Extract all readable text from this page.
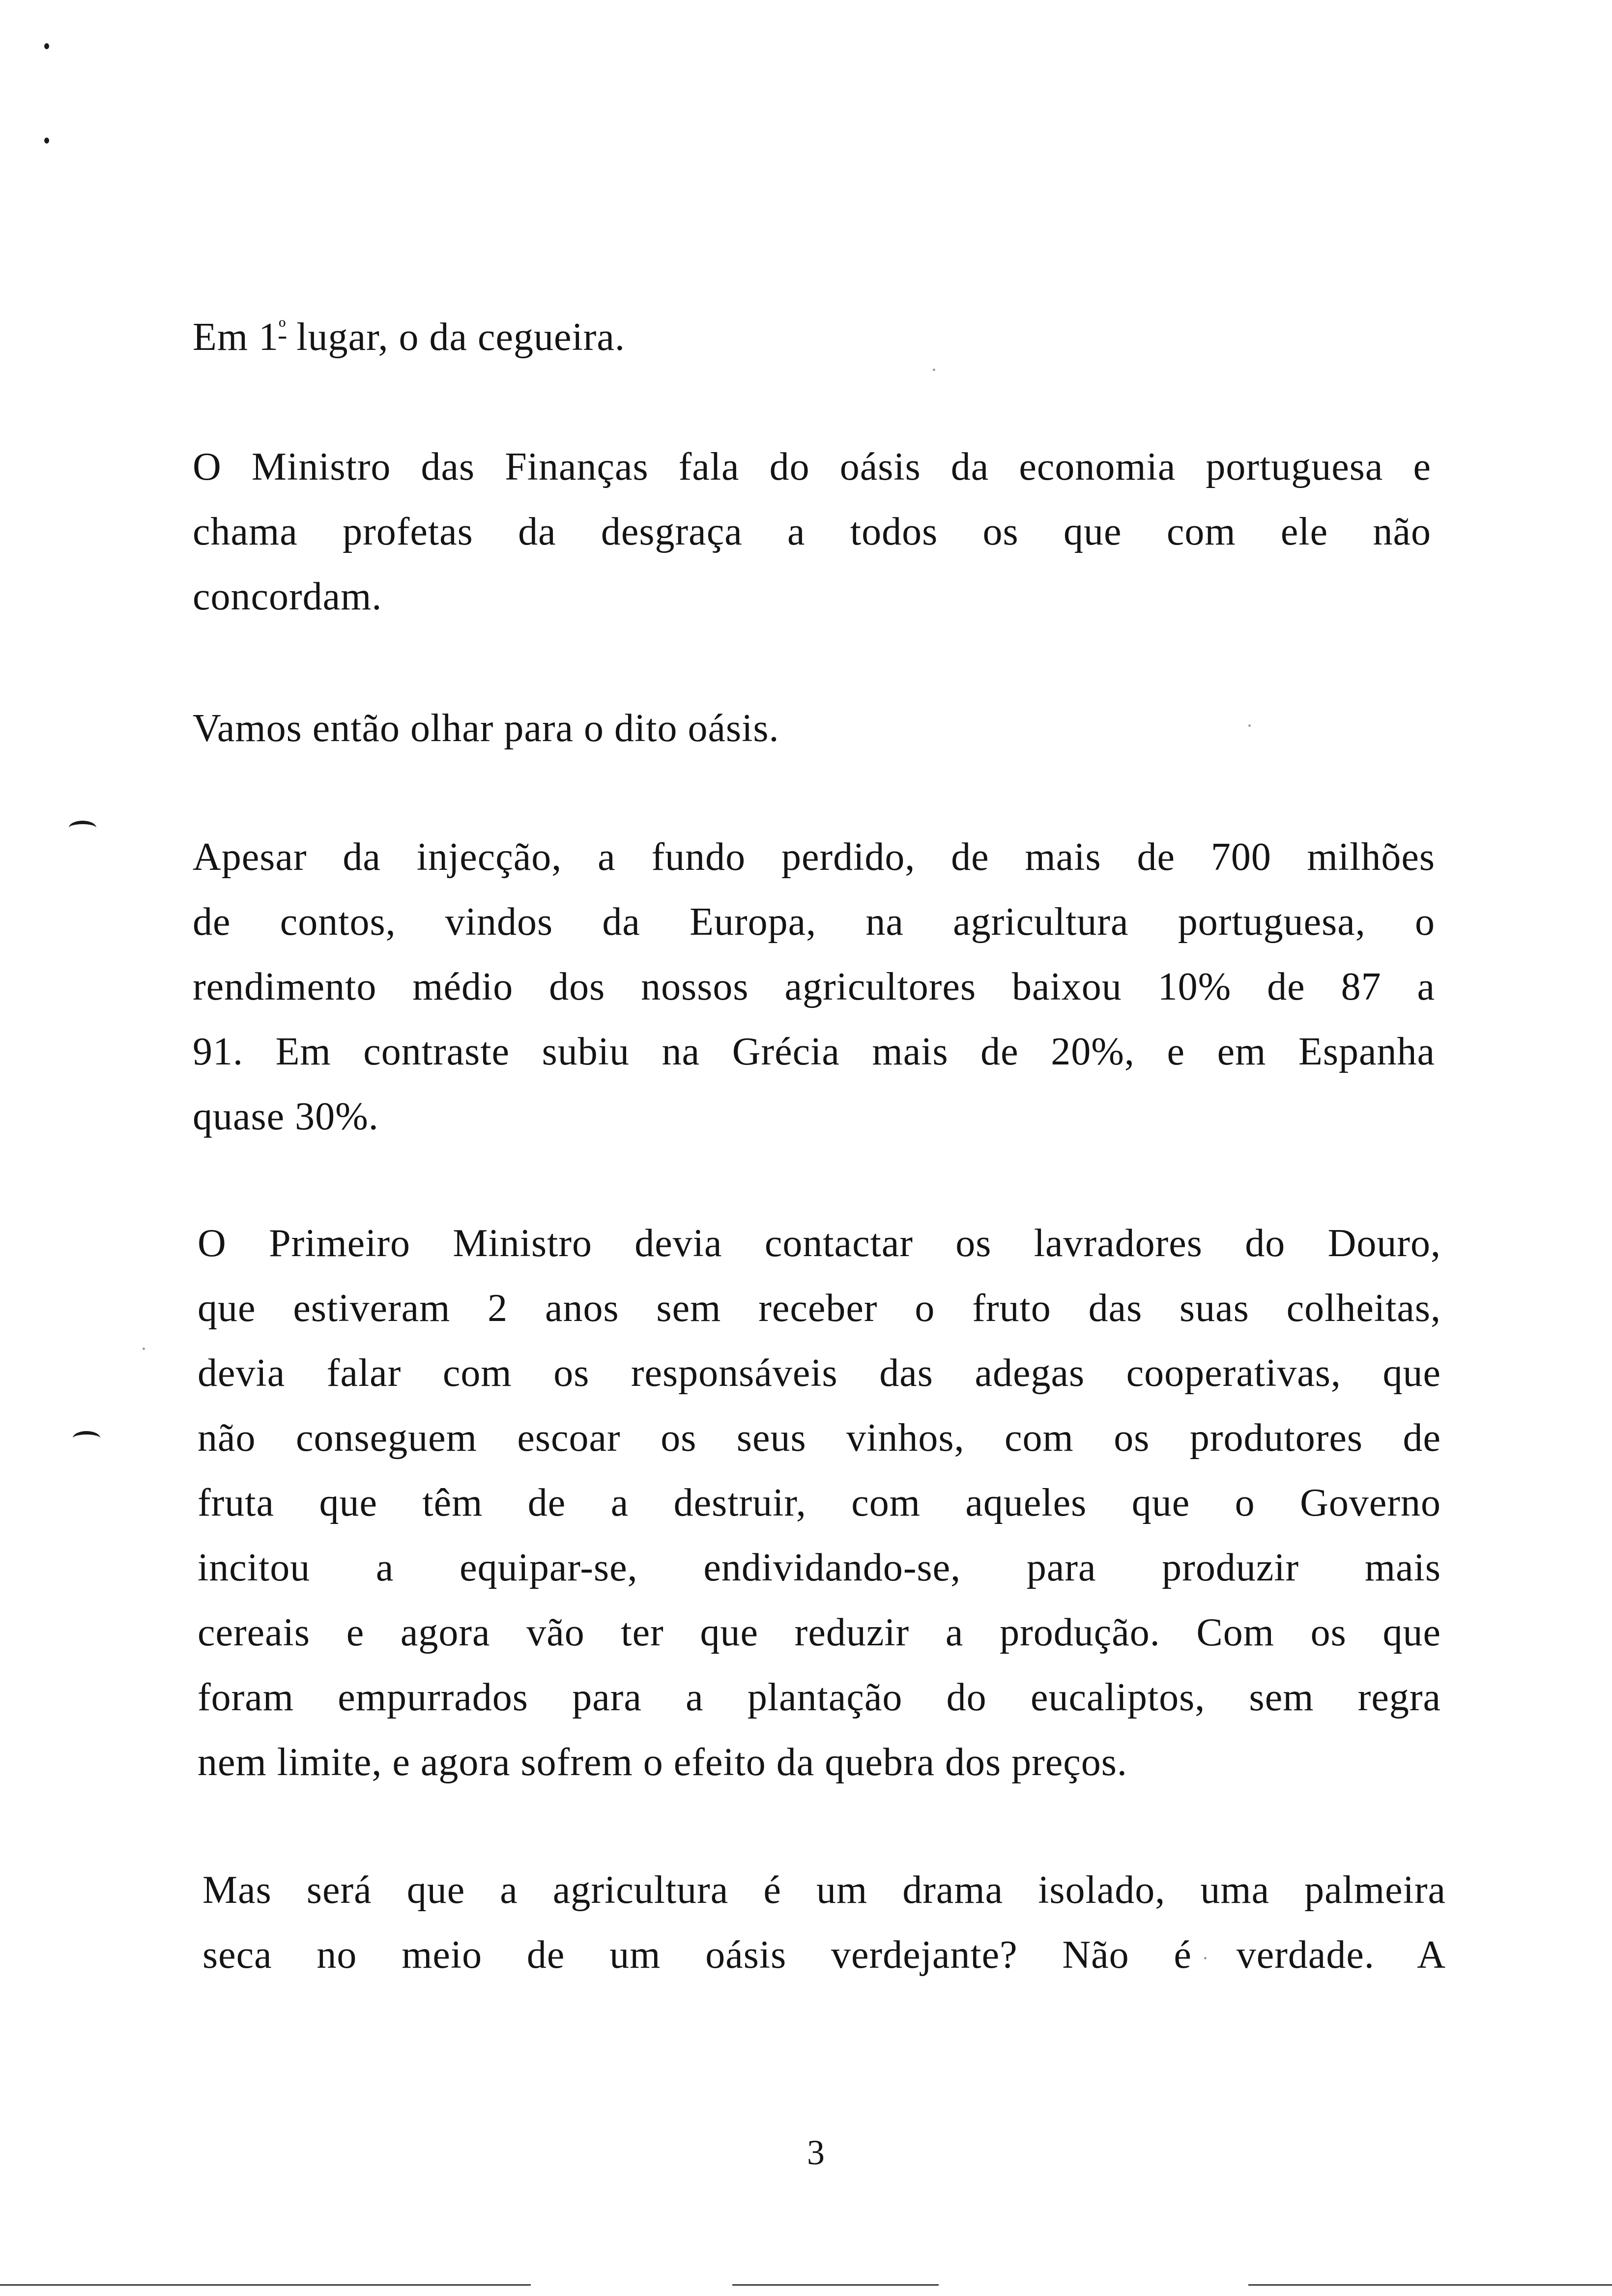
Em $1^º$ lugar, o da cegueira.
O Ministro das Finanças fala do oásis da economia portuguesa e
chama profetas da desgraça a todos os que com ele não
concordam.
Vamos então olhar para o dito oásis.
Apesar da injecção, a fundo perdido, de mais de 700 milhões
de contos, vindos da Europa, na agricultura portuguesa, o
rendimento médio dos nossos agricultores baixou 10% de 87 a
91. Em contraste subiu na Grécia mais de 20%, e em Espanha
quase 30%.
O Primeiro Ministro devia contactar os lavradores do Douro,
que estiveram 2 anos sem receber o fruto das suas colheitas,
devia falar com os responsáveis das adegas cooperativas, que
não conseguem escoar os seus vinhos, com os produtores de
fruta que têm de a destruir, com aqueles que o Governo
incitou a equipar-se, endividando-se, para produzir mais
cereais e agora vão ter que reduzir a produção. Com os que
foram empurrados para a plantação do eucaliptos, sem regra
nem limite, e agora sofrem o efeito da quebra dos preços.
Mas será que a agricultura é um drama isolado, uma palmeira
seca no meio de um oásis verdejante? Não é verdade. A
3
